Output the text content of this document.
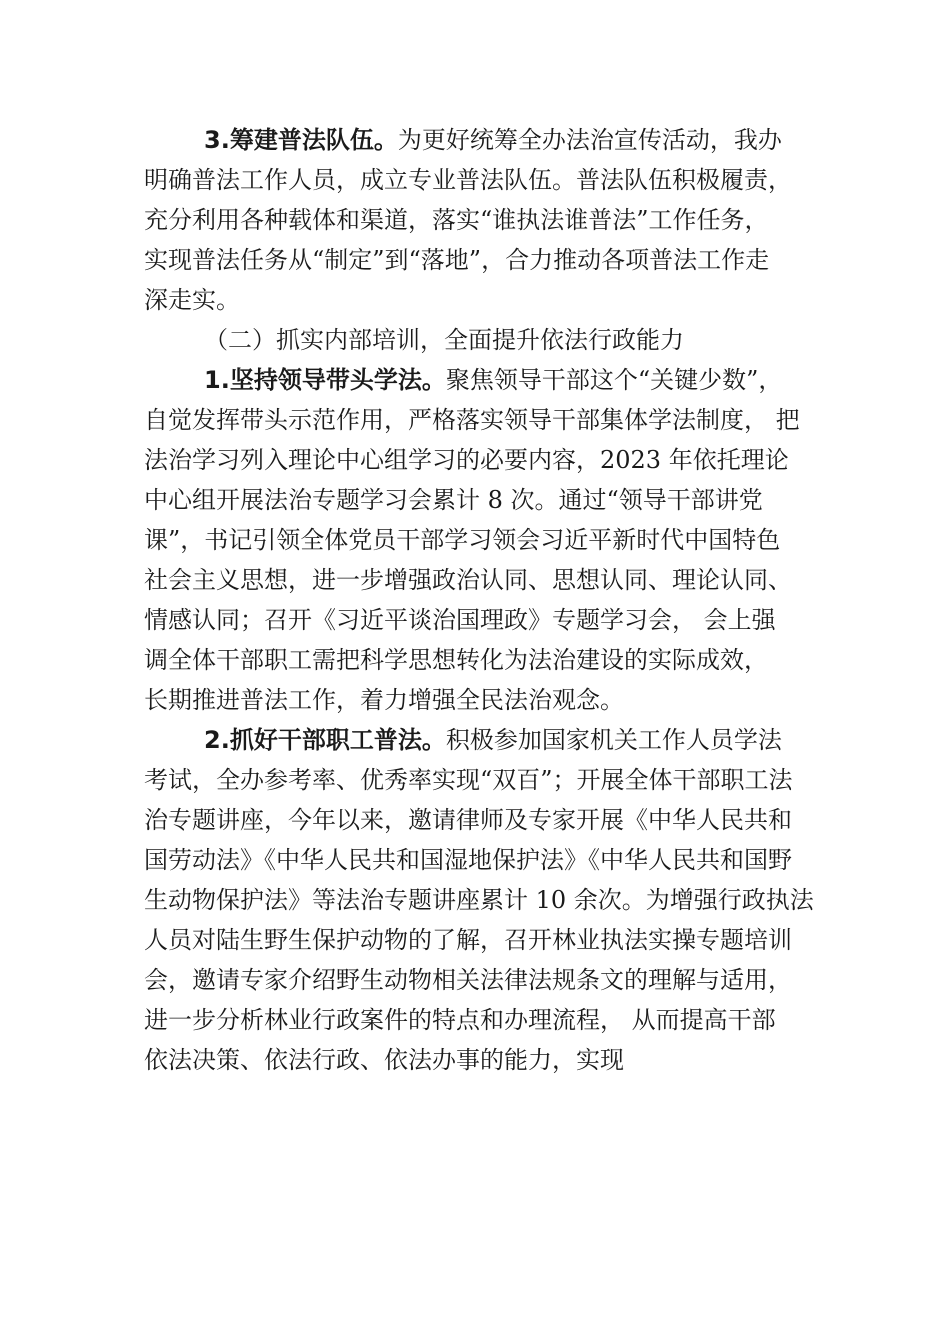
3.筹建普法队伍。为更好统筹全办法治宣传活动，我办
明确普法工作人员，成立专业普法队伍。普法队伍积极履责，
充分利用各种载体和渠道，落实“谁执法谁普法”工作任务，
实现普法任务从“制定”到“落地”，合力推动各项普法工作走
深走实。
（二）抓实内部培训，全面提升依法行政能力
1.坚持领导带头学法。聚焦领导干部这个“关键少数”，
自觉发挥带头示范作用，严格落实领导干部集体学法制度， 把
法治学习列入理论中心组学习的必要内容，2023 年依托理论
中心组开展法治专题学习会累计 8 次。通过“领导干部讲党
课”，书记引领全体党员干部学习领会习近平新时代中国特色
社会主义思想，进一步增强政治认同、思想认同、理论认同、
情感认同；召开《习近平谈治国理政》专题学习会， 会上强
调全体干部职工需把科学思想转化为法治建设的实际成效，
长期推进普法工作，着力增强全民法治观念。
2.抓好干部职工普法。积极参加国家机关工作人员学法
考试，全办参考率、优秀率实现“双百”；开展全体干部职工法
治专题讲座，今年以来，邀请律师及专家开展《中华人民共和
国劳动法》《中华人民共和国湿地保护法》《中华人民共和国野
生动物保护法》等法治专题讲座累计 10 余次。为增强行政执法
人员对陆生野生保护动物的了解，召开林业执法实操专题培训
会，邀请专家介绍野生动物相关法律法规条文的理解与适用，
进一步分析林业行政案件的特点和办理流程， 从而提高干部
依法决策、依法行政、依法办事的能力，实现
